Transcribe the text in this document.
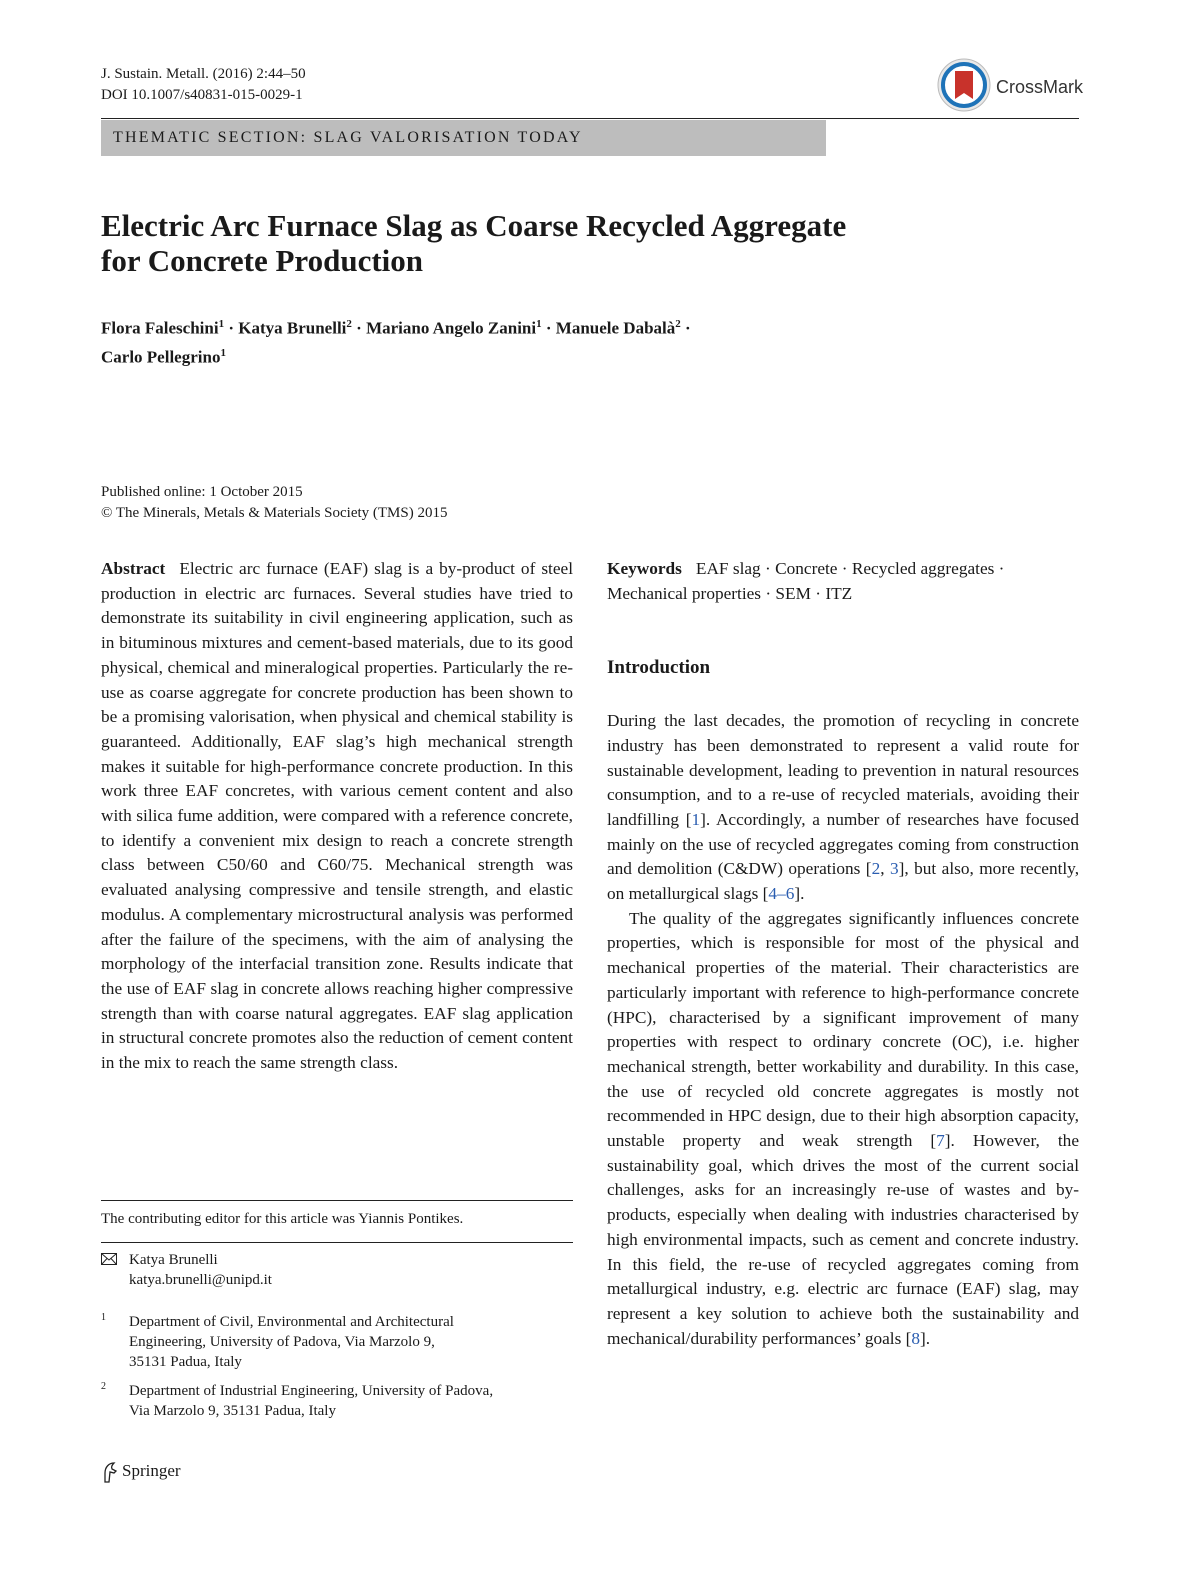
J. Sustain. Metall. (2016) 2:44–50
DOI 10.1007/s40831-015-0029-1	CrossMark
THEMATIC SECTION: SLAG VALORISATION TODAY
Electric Arc Furnace Slag as Coarse Recycled Aggregate
for Concrete Production
Flora Faleschini$^1$ · Katya Brunelli$^2$ · Mariano Angelo Zanini$^1$ · Manuele Dabalà$^2$ ·
Carlo Pellegrino$^1$
Published online: 1 October 2015
© The Minerals, Metals & Materials Society (TMS) 2015

Abstract Electric arc furnace (EAF) slag is a by-product of steel production in electric arc furnaces. Several studies have tried to demonstrate its suitability in civil engineering application, such as in bituminous mixtures and cement-based materials, due to its good physical, chemical and mineralogical properties. Particularly the re-use as coarse aggregate for concrete production has been shown to be a promising valorisation, when physical and chemical stability is guaranteed. Additionally, EAF slag’s high mechanical strength makes it suitable for high-performance concrete production. In this work three EAF concretes, with various cement content and also with silica fume addition, were compared with a reference concrete, to identify a convenient mix design to reach a concrete strength class between C50/60 and C60/75. Mechanical strength was evaluated analysing compressive and tensile strength, and elastic modulus. A complementary microstructural analysis was performed after the failure of the specimens, with the aim of analysing the morphology of the interfacial transition zone. Results indicate that the use of EAF slag in concrete allows reaching higher compressive strength than with coarse natural aggregates. EAF slag application in structural concrete promotes also the reduction of cement content in the mix to reach the same strength class.

Keywords EAF slag · Concrete · Recycled aggregates · Mechanical properties · SEM · ITZ

Introduction

During the last decades, the promotion of recycling in concrete industry has been demonstrated to represent a valid route for sustainable development, leading to prevention in natural resources consumption, and to a re-use of recycled materials, avoiding their landfilling [1]. Accordingly, a number of researches have focused mainly on the use of recycled aggregates coming from construction and demolition (C&DW) operations [2, 3], but also, more recently, on metallurgical slags [4–6].

The quality of the aggregates significantly influences concrete properties, which is responsible for most of the physical and mechanical properties of the material. Their characteristics are particularly important with reference to high-performance concrete (HPC), characterised by a significant improvement of many properties with respect to ordinary concrete (OC), i.e. higher mechanical strength, better workability and durability. In this case, the use of recycled old concrete aggregates is mostly not recommended in HPC design, due to their high absorption capacity, unstable property and weak strength [7]. However, the sustainability goal, which drives the most of the current social challenges, asks for an increasingly re-use of wastes and by-products, especially when dealing with industries characterised by high environmental impacts, such as cement and concrete industry. In this field, the re-use of recycled aggregates coming from metallurgical industry, e.g. electric arc furnace (EAF) slag, may represent a key solution to achieve both the sustainability and mechanical/durability performances’ goals [8].

The contributing editor for this article was Yiannis Pontikes.
Katya Brunelli
katya.brunelli@unipd.it
1 Department of Civil, Environmental and Architectural
Engineering, University of Padova, Via Marzolo 9,
35131 Padua, Italy
2 Department of Industrial Engineering, University of Padova,
Via Marzolo 9, 35131 Padua, Italy
Springer
